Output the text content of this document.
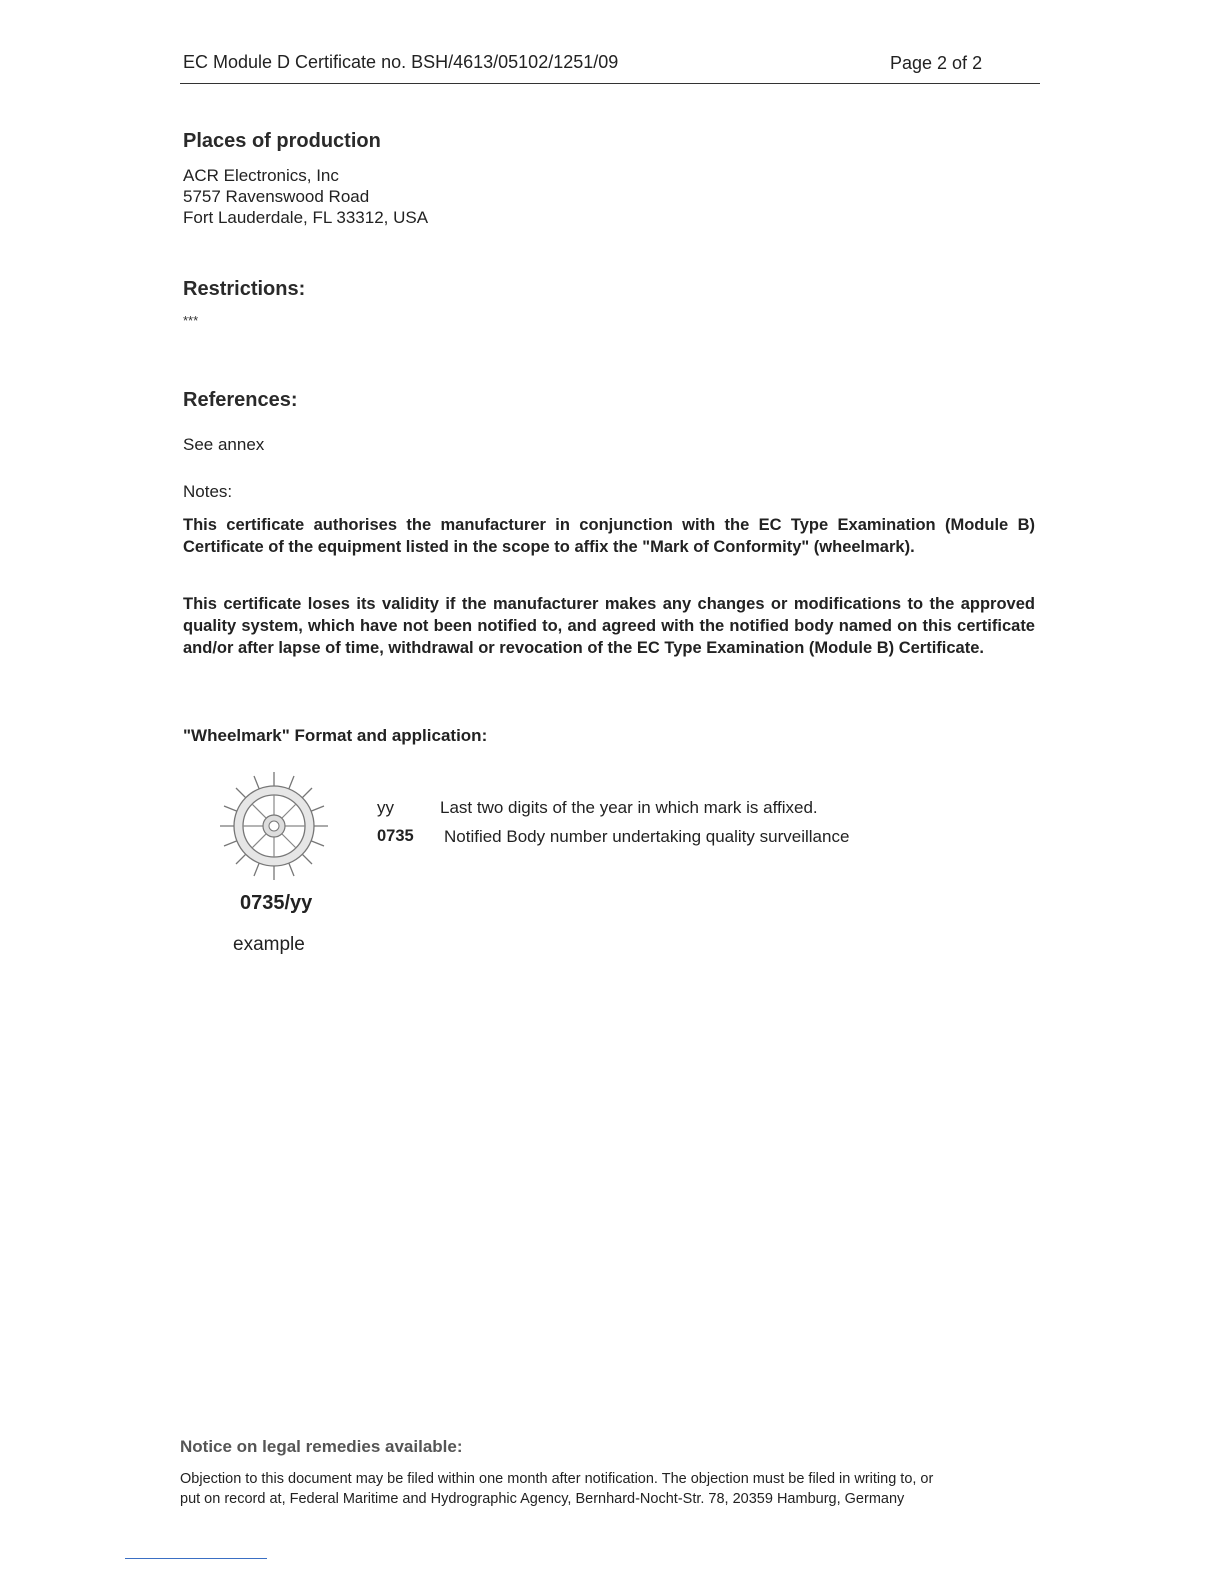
EC Module D Certificate no. BSH/4613/05102/1251/09	Page 2 of 2
Places of production
ACR Electronics, Inc
5757 Ravenswood Road
Fort Lauderdale, FL 33312, USA
Restrictions:
***
References:
See annex
Notes:
This certificate authorises the manufacturer in conjunction with the EC Type Examination (Module B) Certificate of the equipment listed in the scope to affix the "Mark of Conformity" (wheelmark).
This certificate loses its validity if the manufacturer makes any changes or modifications to the approved quality system, which have not been notified to, and agreed with the notified body named on this certificate and/or after lapse of time, withdrawal or revocation of the EC Type Examination (Module B) Certificate.
"Wheelmark" Format and application:
0735/yy
example
yy	Last two digits of the year in which mark is affixed.
0735 Notified Body number undertaking quality surveillance
Notice on legal remedies available:
Objection to this document may be filed within one month after notification. The objection must be filed in writing to, or
put on record at, Federal Maritime and Hydrographic Agency, Bernhard-Nocht-Str. 78, 20359 Hamburg, Germany
